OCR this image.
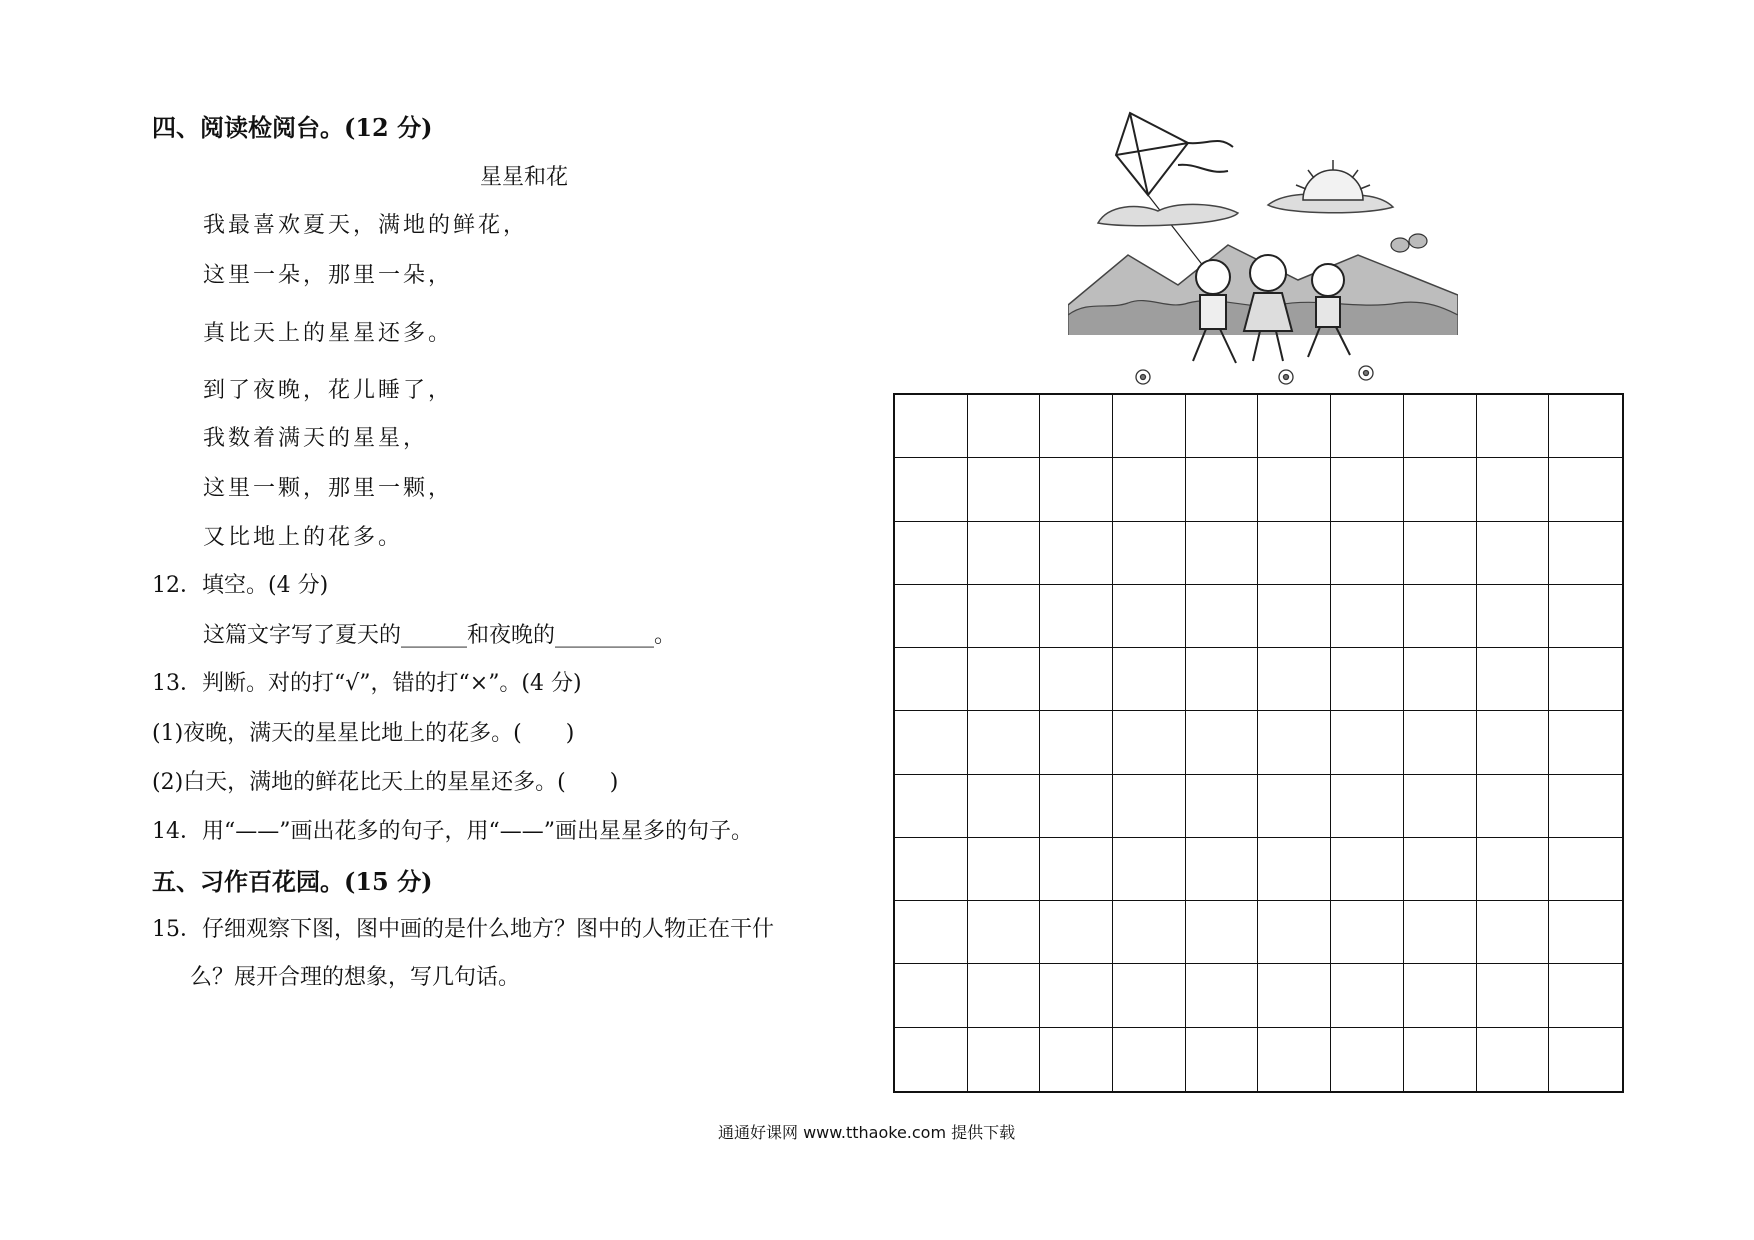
四、阅读检阅台。(12 分)
星星和花
我最喜欢夏天，满地的鲜花，
这里一朵，那里一朵，
真比天上的星星还多。
到了夜晚，花儿睡了，
我数着满天的星星，
这里一颗，那里一颗，
又比地上的花多。
12．填空。(4 分)
这篇文字写了夏天的______和夜晚的_________。
13．判断。对的打“√”，错的打“×”。(4 分)
(1)夜晚，满天的星星比地上的花多。(　　)
(2)白天，满地的鲜花比天上的星星还多。(　　)
14．用“——”画出花多的句子，用“——”画出星星多的句子。
五、习作百花园。(15 分)
15．仔细观察下图，图中画的是什么地方？图中的人物正在干什
么？展开合理的想象，写几句话。
通通好课网 www.tthaoke.com 提供下载
